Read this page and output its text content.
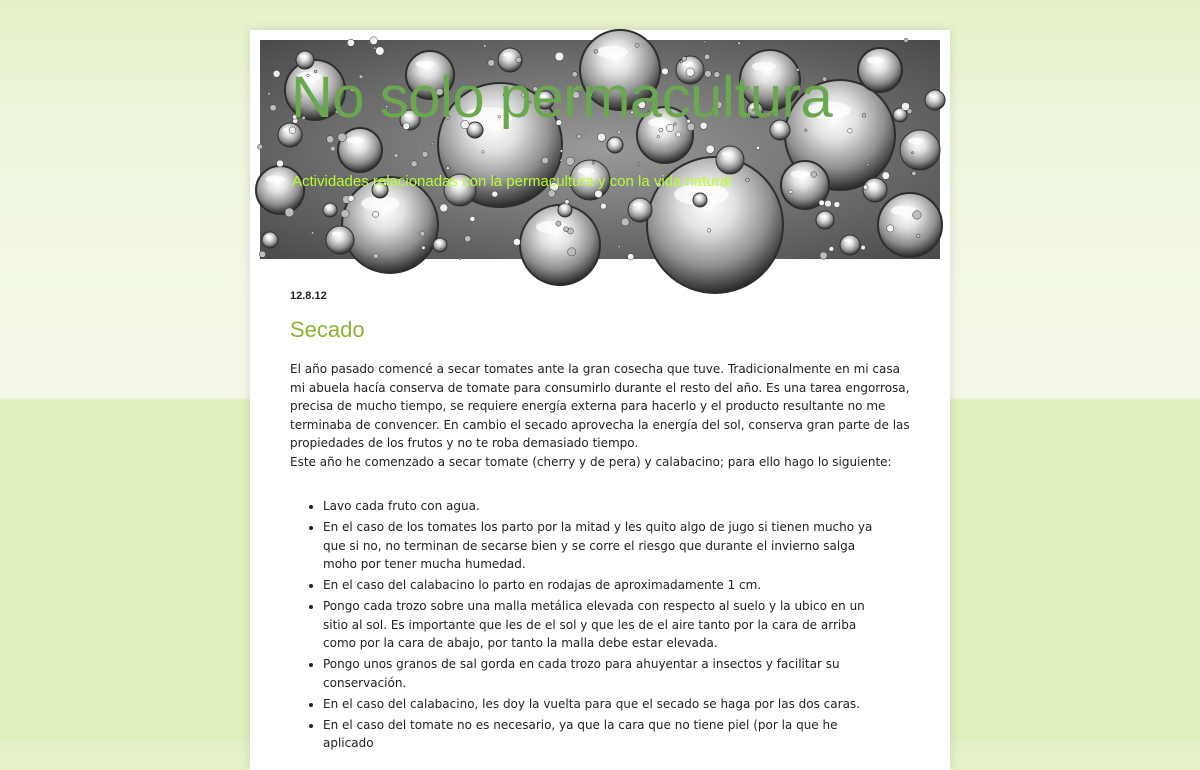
No solo permacultura

Actividades relacionadas con la permacultura y con la vida natural

12.8.12
Secado

El año pasado comencé a secar tomates ante la gran cosecha que tuve. Tradicionalmente en mi casa mi abuela hacía conserva de tomate para consumirlo durante el resto del año. Es una tarea engorrosa, precisa de mucho tiempo, se requiere energía externa para hacerlo y el producto resultante no me terminaba de convencer. En cambio el secado aprovecha la energía del sol, conserva gran parte de las propiedades de los frutos y no te roba demasiado tiempo.

Este año he comenzado a secar tomate (cherry y de pera) y calabacino; para ello hago lo siguiente:

• Lavo cada fruto con agua.
• En el caso de los tomates los parto por la mitad y les quito algo de jugo si tienen mucho ya que si no, no terminan de secarse bien y se corre el riesgo que durante el invierno salga moho por tener mucha humedad.
• En el caso del calabacino lo parto en rodajas de aproximadamente 1 cm.
• Pongo cada trozo sobre una malla metálica elevada con respecto al suelo y la ubico en un sitio al sol. Es importante que les de el sol y que les de el aire tanto por la cara de arriba como por la cara de abajo, por tanto la malla debe estar elevada.
• Pongo unos granos de sal gorda en cada trozo para ahuyentar a insectos y facilitar su conservación.
• En el caso del calabacino, les doy la vuelta para que el secado se haga por las dos caras.
• En el caso del tomate no es necesario, ya que la cara que no tiene piel (por la que he aplicado
